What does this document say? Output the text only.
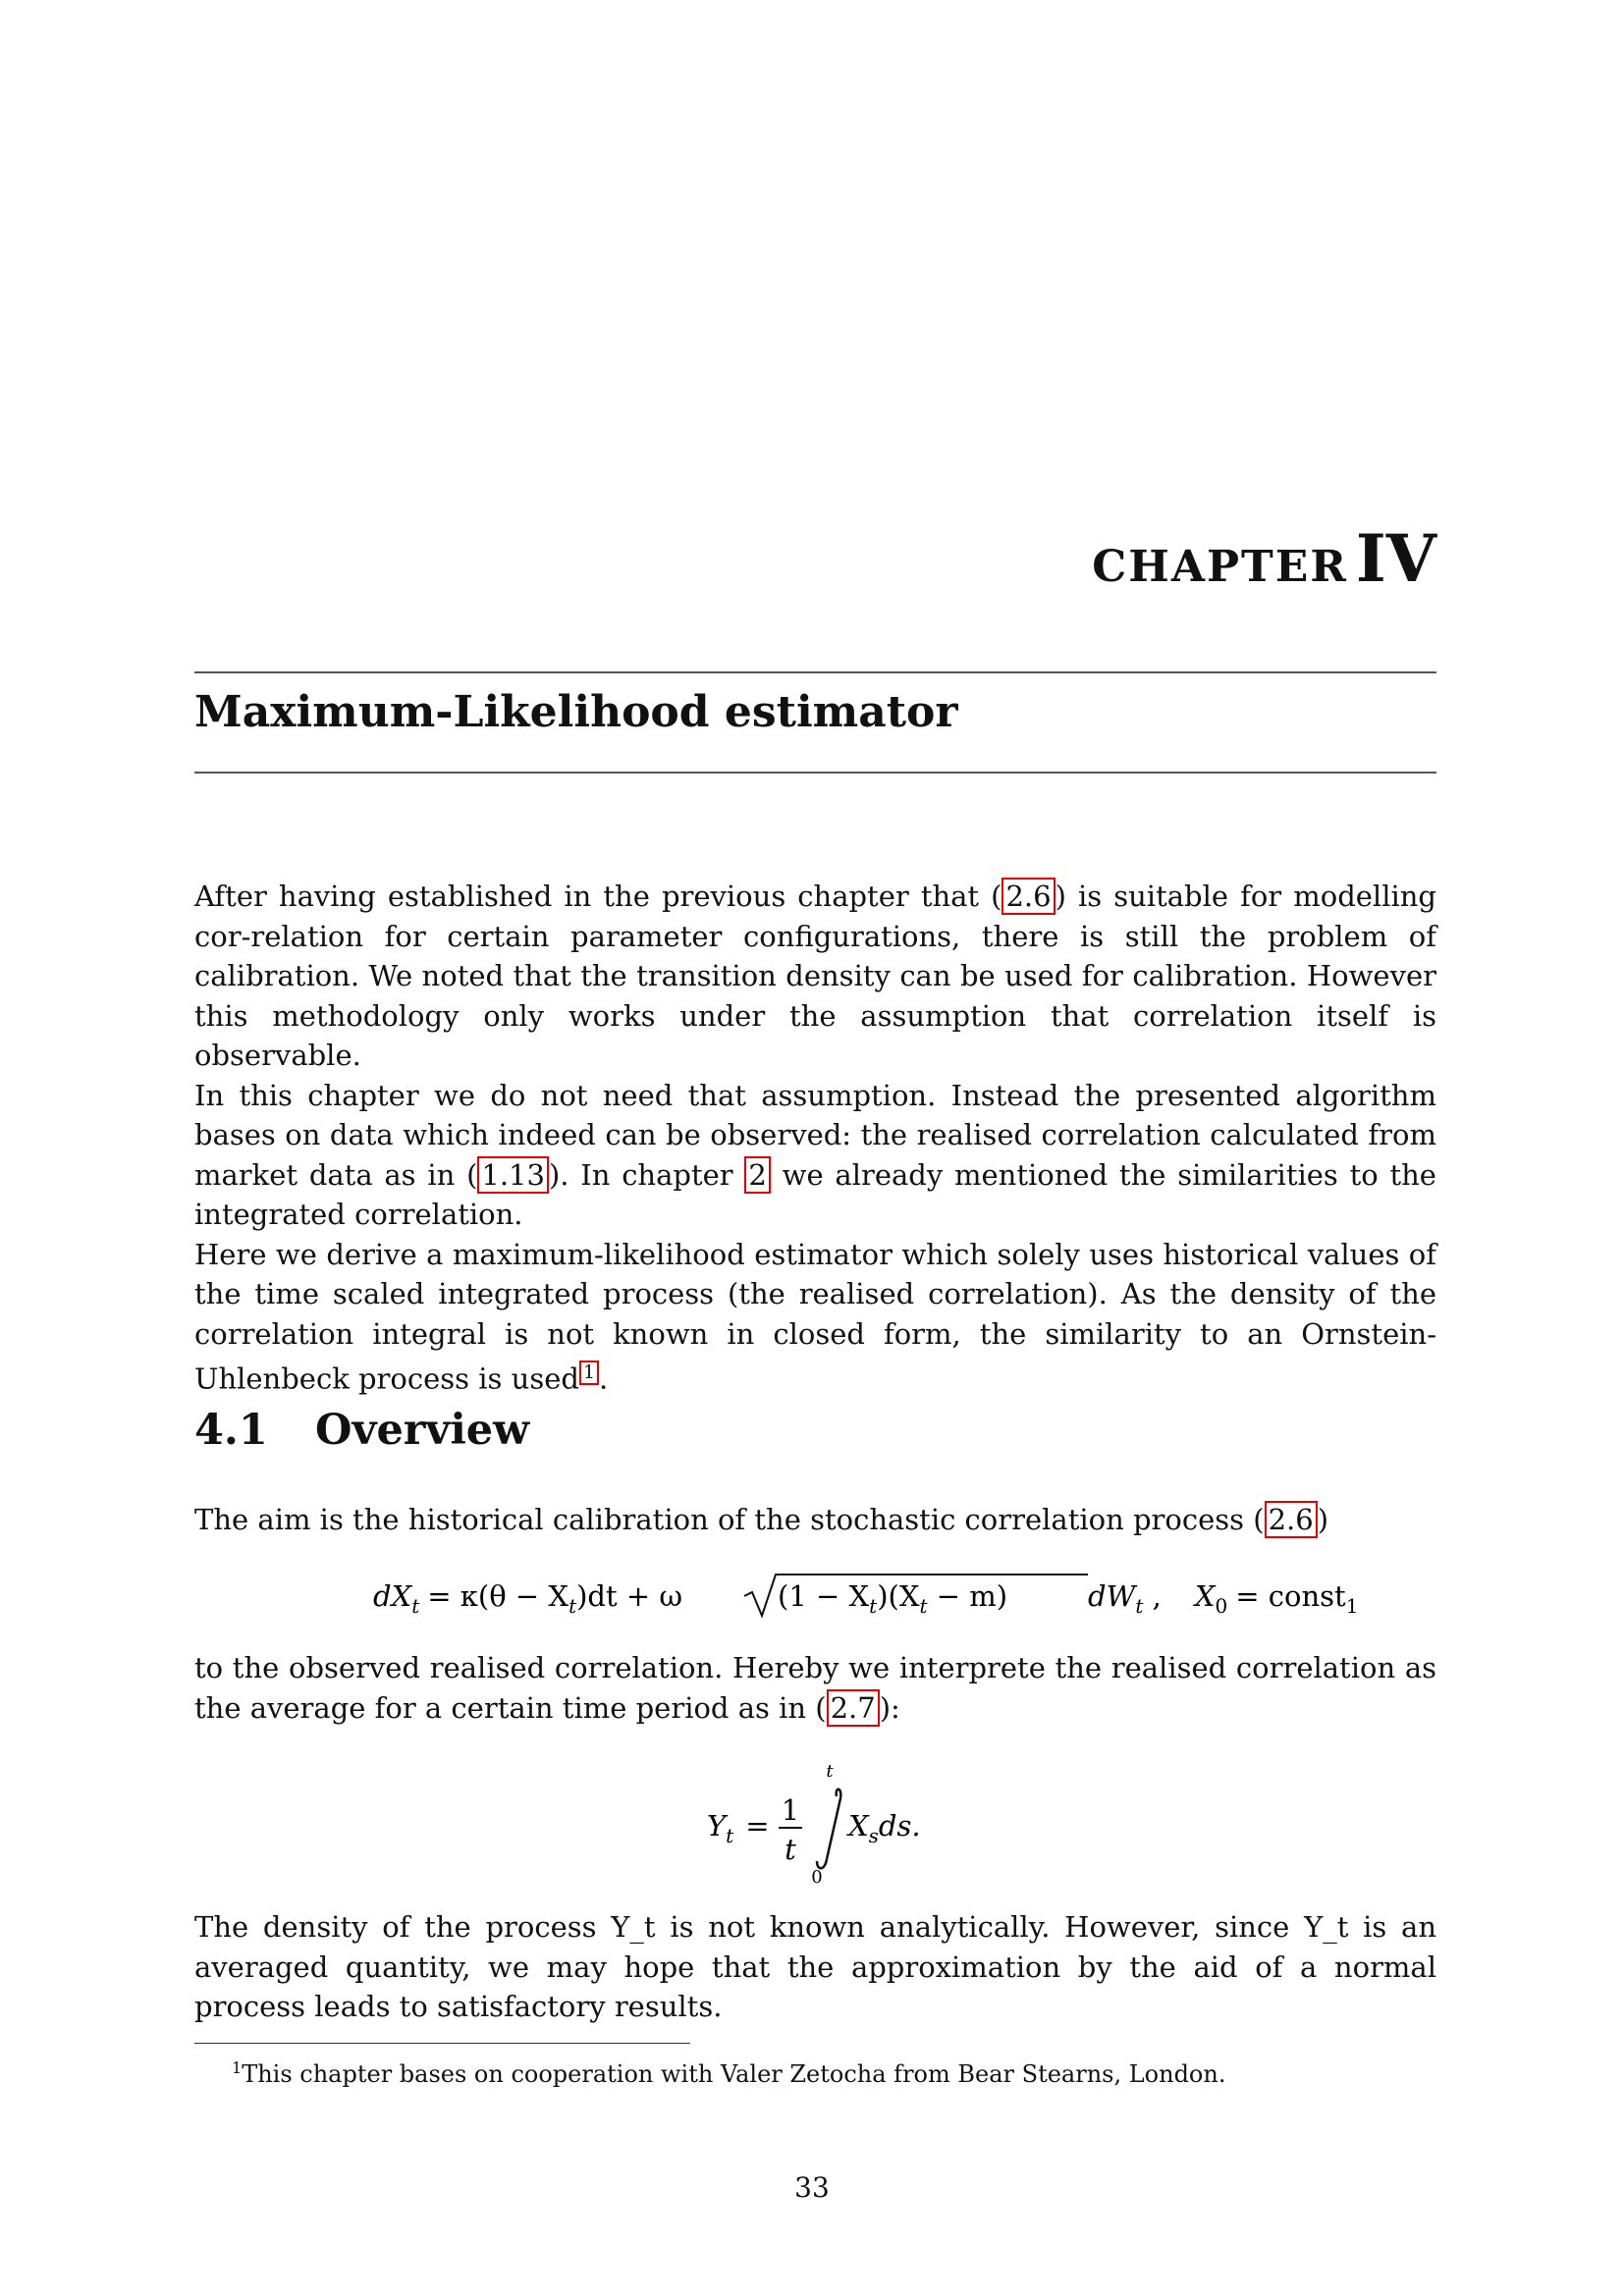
CHAPTER IV
Maximum-Likelihood estimator

After having established in the previous chapter that ( 2.6 ) is suitable for modelling cor-relation for certain parameter configurations, there is still the problem of calibration. We noted that the transition density can be used for calibration. However this methodology only works under the assumption that correlation itself is observable.
In this chapter we do not need that assumption. Instead the presented algorithm bases on data which indeed can be observed: the realised correlation calculated from market data as in ( 1.13 ). In chapter 2 we already mentioned the similarities to the integrated correlation.
Here we derive a maximum-likelihood estimator which solely uses historical values of the time scaled integrated process (the realised correlation). As the density of the correlation integral is not known in closed form, the similarity to an Ornstein-Uhlenbeck process is used $^1$ .

4.1 Overview

The aim is the historical calibration of the stochastic correlation process ( 2.6 )

$dX_t = \kappa(\theta - X_t)dt + \omega$	$(1 - X_t)(X_t - m)$	$dW_t$ , $X_0$ = const$_1$

to the observed realised correlation. Hereby we interprete the realised correlation as the average for a certain time period as in ( 2.7 ):

$Y_t = 1$
t
t
0
$X_sds$.

The density of the process Y_t is not known analytically. However, since Y_t is an averaged quantity, we may hope that the approximation by the aid of a normal process leads to satisfactory results.

$^1$This chapter bases on cooperation with Valer Zetocha from Bear Stearns, London.

33
